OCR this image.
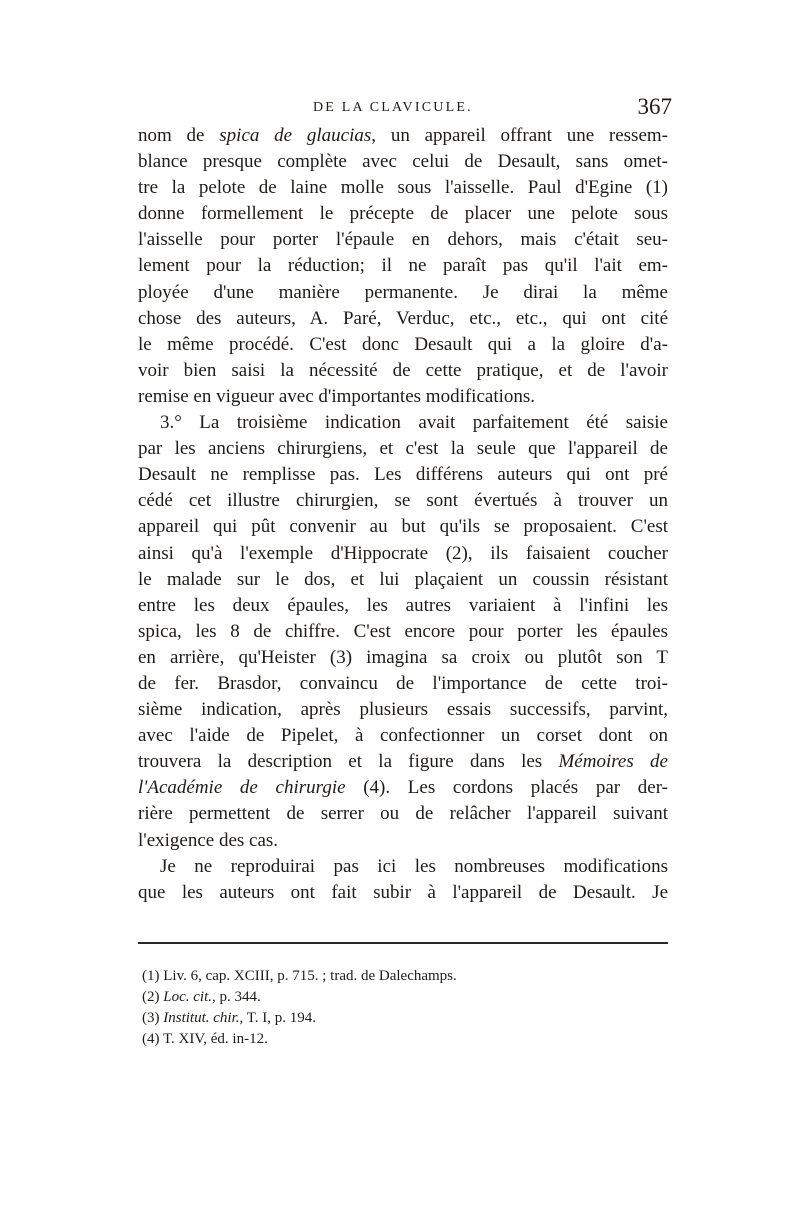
DE LA CLAVICULE.	367
nom de spica de glaucias, un appareil offrant une ressem-
blance presque complète avec celui de Desault, sans omet-
tre la pelote de laine molle sous l'aisselle. Paul d'Egine (1)
donne formellement le précepte de placer une pelote sous
l'aisselle pour porter l'épaule en dehors, mais c'était seu-
lement pour la réduction; il ne paraît pas qu'il l'ait em-
ployée d'une manière permanente. Je dirai la même
chose des auteurs, A. Paré, Verduc, etc., etc., qui ont cité
le même procédé. C'est donc Desault qui a la gloire d'a-
voir bien saisi la nécessité de cette pratique, et de l'avoir
remise en vigueur avec d'importantes modifications.
3.° La troisième indication avait parfaitement été saisie
par les anciens chirurgiens, et c'est la seule que l'appareil de
Desault ne remplisse pas. Les différens auteurs qui ont pré
cédé cet illustre chirurgien, se sont évertués à trouver un
appareil qui pût convenir au but qu'ils se proposaient. C'est
ainsi qu'à l'exemple d'Hippocrate (2), ils faisaient coucher
le malade sur le dos, et lui plaçaient un coussin résistant
entre les deux épaules, les autres variaient à l'infini les
spica, les 8 de chiffre. C'est encore pour porter les épaules
en arrière, qu'Heister (3) imagina sa croix ou plutôt son T
de fer. Brasdor, convaincu de l'importance de cette troi-
sième indication, après plusieurs essais successifs, parvint,
avec l'aide de Pipelet, à confectionner un corset dont on
trouvera la description et la figure dans les Mémoires de
l'Académie de chirurgie (4). Les cordons placés par der-
rière permettent de serrer ou de relâcher l'appareil suivant
l'exigence des cas.
Je ne reproduirai pas ici les nombreuses modifications
que les auteurs ont fait subir à l'appareil de Desault. Je
(1) Liv. 6, cap. XCIII, p. 715. ; trad. de Dalechamps.
(2) Loc. cit., p. 344.
(3) Institut. chir., T. I, p. 194.
(4) T. XIV, éd. in-12.
